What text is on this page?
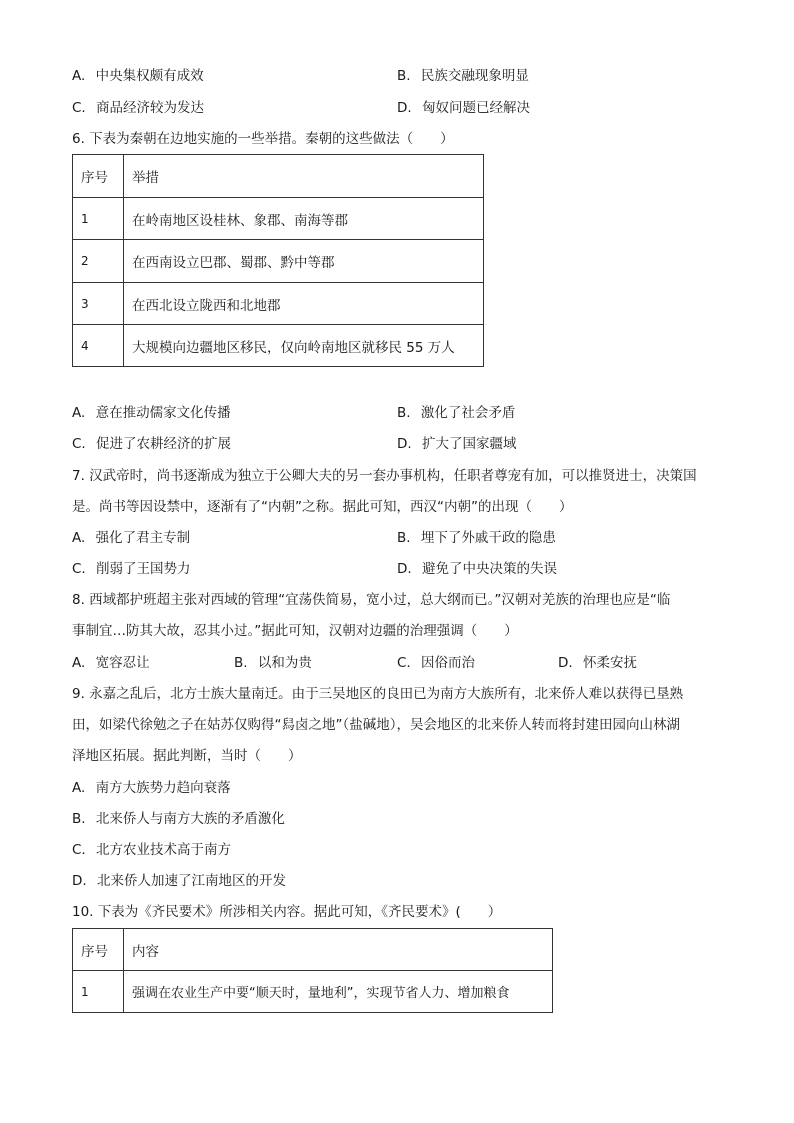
A. 中央集权颇有成效	B. 民族交融现象明显
C. 商品经济较为发达	D. 匈奴问题已经解决
6. 下表为秦朝在边地实施的一些举措。秦朝的这些做法（　　）
序号	举措
1	在岭南地区设桂林、象郡、南海等郡
2	在西南设立巴郡、蜀郡、黔中等郡
3	在西北设立陇西和北地郡
4	大规模向边疆地区移民，仅向岭南地区就移民 55 万人
A. 意在推动儒家文化传播	B. 激化了社会矛盾
C. 促进了农耕经济的扩展	D. 扩大了国家疆域
7. 汉武帝时，尚书逐渐成为独立于公卿大夫的另一套办事机构，任职者尊宠有加，可以推贤进士，决策国
是。尚书等因设禁中，逐渐有了“内朝”之称。据此可知，西汉“内朝”的出现（　　）
A. 强化了君主专制	B. 埋下了外戚干政的隐患
C. 削弱了王国势力	D. 避免了中央决策的失误
8. 西域都护班超主张对西域的管理“宜荡佚简易，宽小过，总大纲而已。”汉朝对羌族的治理也应是“临
事制宜…防其大故，忍其小过。”据此可知，汉朝对边疆的治理强调（　　）
A. 宽容忍让	B. 以和为贵	C. 因俗而治	D. 怀柔安抚
9. 永嘉之乱后，北方士族大量南迁。由于三吴地区的良田已为南方大族所有，北来侨人难以获得已垦熟
田，如梁代徐勉之子在姑苏仅购得“舄卤之地”（盐碱地），吴会地区的北来侨人转而将封建田园向山林湖
泽地区拓展。据此判断，当时（　　）
A. 南方大族势力趋向衰落
B. 北来侨人与南方大族的矛盾激化
C. 北方农业技术高于南方
D. 北来侨人加速了江南地区的开发
10. 下表为《齐民要术》所涉相关内容。据此可知，《齐民要术》(　　）
序号	内容
1	强调在农业生产中要“顺天时，量地利”，实现节省人力、增加粮食
